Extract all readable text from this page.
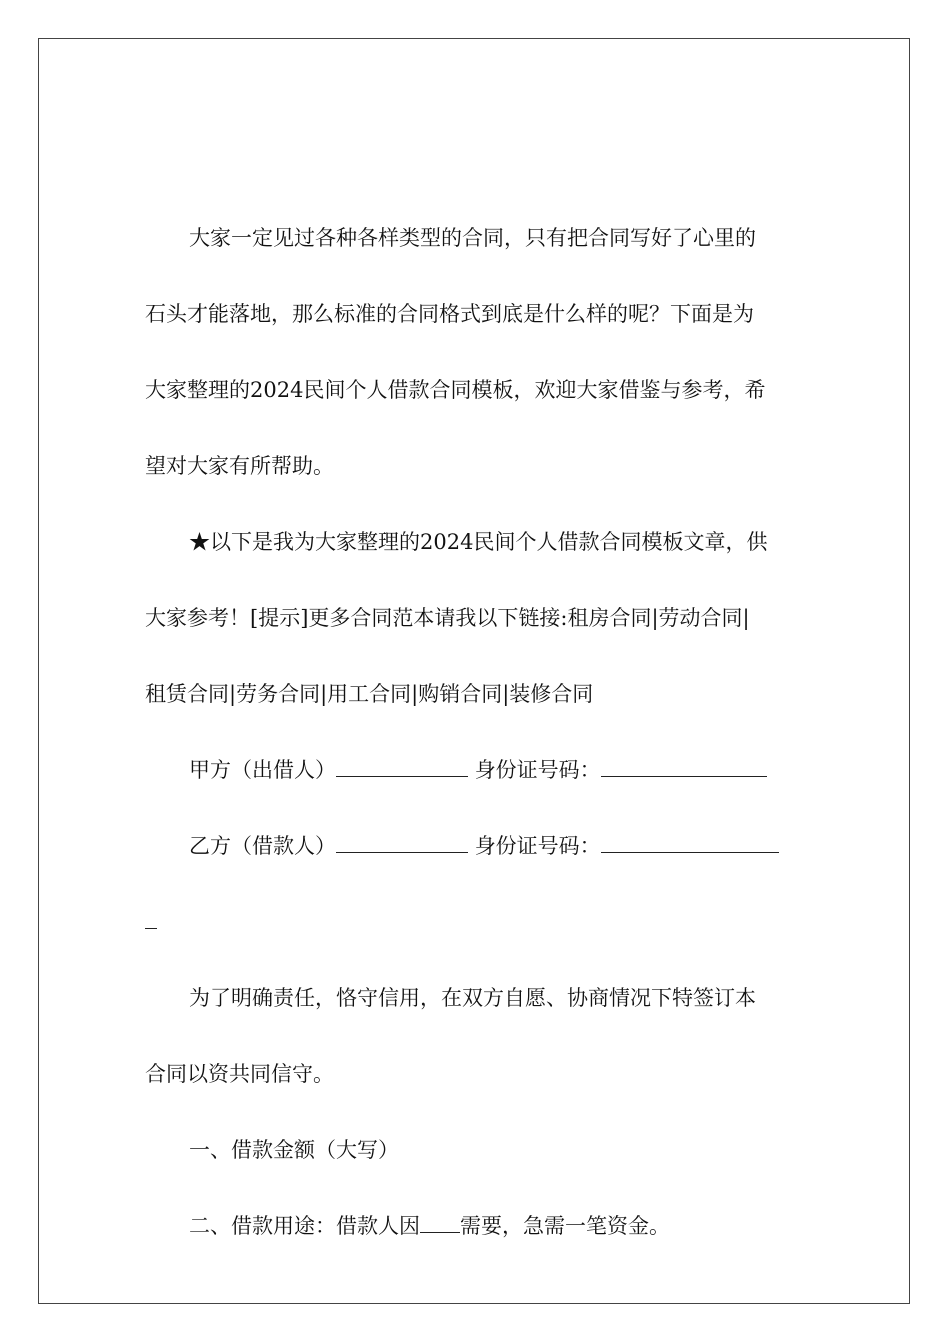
大家一定见过各种各样类型的合同，只有把合同写好了心里的
石头才能落地，那么标准的合同格式到底是什么样的呢？下面是为
大家整理的2024民间个人借款合同模板，欢迎大家借鉴与参考，希
望对大家有所帮助。
★以下是我为大家整理的2024民间个人借款合同模板文章，供
大家参考！[提示]更多合同范本请我以下链接:租房合同|劳动合同|
租赁合同|劳务合同|用工合同|购销合同|装修合同
甲方（出借人）	身份证号码：
乙方（借款人）	身份证号码：
为了明确责任，恪守信用，在双方自愿、协商情况下特签订本
合同以资共同信守。
一、借款金额（大写）
二、借款用途：借款人因 需要，急需一笔资金。
